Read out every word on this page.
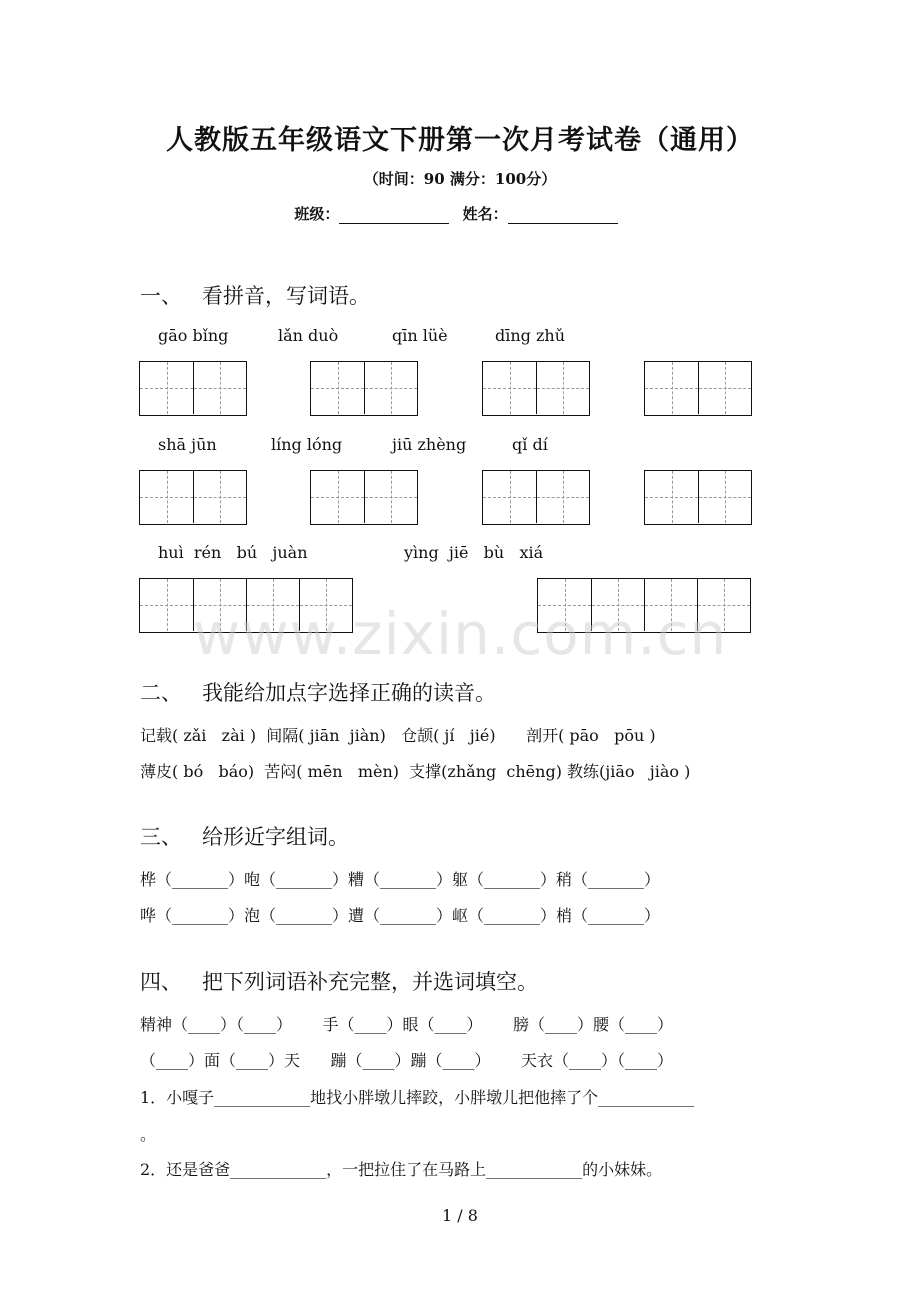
人教版五年级语文下册第一次月考试卷（通用）
（时间：90 满分：100分）
班级：	姓名：
一、 看拼音，写词语。
gāo bǐng	lǎn duò	qīn lüè	dīng zhǔ
shā jūn	líng lóng	jiū zhèng	qǐ dí
huì  rén   bú   juàn	yìng  jiē   bù   xiá
www.zixin.com.cn
二、 我能给加点字选择正确的读音。
记载( zǎi   zài )  间隔( jiān  jiàn)   仓颉( jí   jié)      剖开( pāo   pōu )
薄皮( bó   báo)  苦闷( mēn   mèn)  支撑(zhǎng  chēng) 教练(jiāo   jiào )
三、 给形近字组词。
桦（_______）咆（_______）糟（_______）躯（_______）稍（_______）
哗（_______）泡（_______）遭（_______）岖（_______）梢（_______）
四、 把下列词语补充完整，并选词填空。
精神（____）（____）      手（____）眼（____）      膀（____）腰（____）
（____）面（____）天      蹦（____）蹦（____）      天衣（____）（____）
1．小嘎子____________地找小胖墩儿摔跤，小胖墩儿把他摔了个____________
。
2．还是爸爸____________，一把拉住了在马路上____________的小妹妹。
1 / 8
